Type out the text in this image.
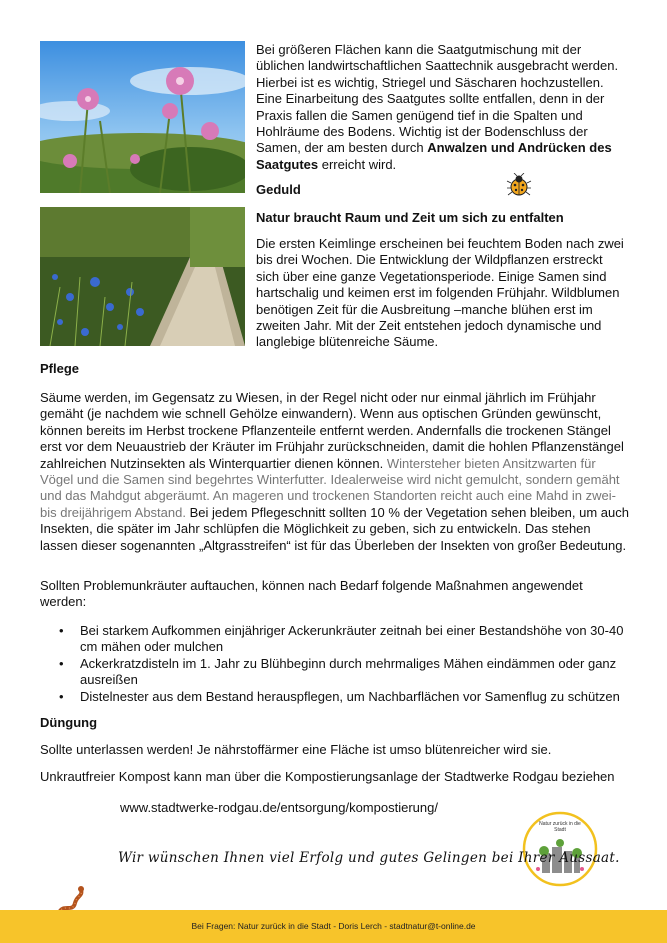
Bei größeren Flächen kann die Saatgutmischung mit der üblichen landwirtschaftlichen Saattechnik ausgebracht werden. Hierbei ist es wichtig, Striegel und Säscharen hochzustellen. Eine Einarbeitung des Saatgutes sollte entfallen, denn in der Praxis fallen die Samen genügend tief in die Spalten und Hohlräume des Bodens. Wichtig ist der Bodenschluss der Samen, der am besten durch Anwalzen und Andrücken des Saatgutes erreicht wird.

Geduld
Natur braucht Raum und Zeit um sich zu entfalten

Die ersten Keimlinge erscheinen bei feuchtem Boden nach zwei bis drei Wochen. Die Entwicklung der Wildpflanzen erstreckt sich über eine ganze Vegetationsperiode. Einige Samen sind hartschalig und keimen erst im folgenden Frühjahr. Wildblumen benötigen Zeit für die Ausbreitung –manche blühen erst im zweiten Jahr. Mit der Zeit entstehen jedoch dynamische und langlebige blütenreiche Säume.

Pflege

Säume werden, im Gegensatz zu Wiesen, in der Regel nicht oder nur einmal jährlich im Frühjahr gemäht (je nachdem wie schnell Gehölze einwandern). Wenn aus optischen Gründen gewünscht, können bereits im Herbst trockene Pflanzenteile entfernt werden. Andernfalls die trockenen Stängel erst vor dem Neuaustrieb der Kräuter im Frühjahr zurückschneiden, damit die hohlen Pflanzenstängel zahlreichen Nutzinsekten als Winterquartier dienen können. Wintersteher bieten Ansitzwarten für Vögel und die Samen sind begehrtes Winterfutter. Idealerweise wird nicht gemulcht, sondern gemäht und das Mahdgut abgeräumt. An mageren und trockenen Standorten reicht auch eine Mahd in zwei- bis dreijährigem Abstand. Bei jedem Pflegeschnitt sollten 10 % der Vegetation sehen bleiben, um auch Insekten, die später im Jahr schlüpfen die Möglichkeit zu geben, sich zu entwickeln. Das stehen lassen dieser sogenannten „Altgrasstreifen“ ist für das Überleben der Insekten von großer Bedeutung.

Sollten Problemunkräuter auftauchen, können nach Bedarf folgende Maßnahmen angewendet werden:

• Bei starkem Aufkommen einjähriger Ackerunkräuter zeitnah bei einer Bestandshöhe von 30-40 cm mähen oder mulchen
• Ackerkratzdisteln im 1. Jahr zu Blühbeginn durch mehrmaliges Mähen eindämmen oder ganz ausreißen
• Distelnester aus dem Bestand herauspflegen, um Nachbarflächen vor Samenflug zu schützen
Düngung

Sollte unterlassen werden! Je nährstoffärmer eine Fläche ist umso blütenreicher wird sie.

Unkrautfreier Kompost kann man über die Kompostierungsanlage der Stadtwerke Rodgau beziehen

www.stadtwerke-rodgau.de/entsorgung/kompostierung/
Natur zurück in die Stadt
Wir wünschen Ihnen viel Erfolg und gutes Gelingen bei Ihrer Aussaat.
Bei Fragen: Natur zurück in die Stadt - Doris Lerch - stadtnatur@t-online.de
